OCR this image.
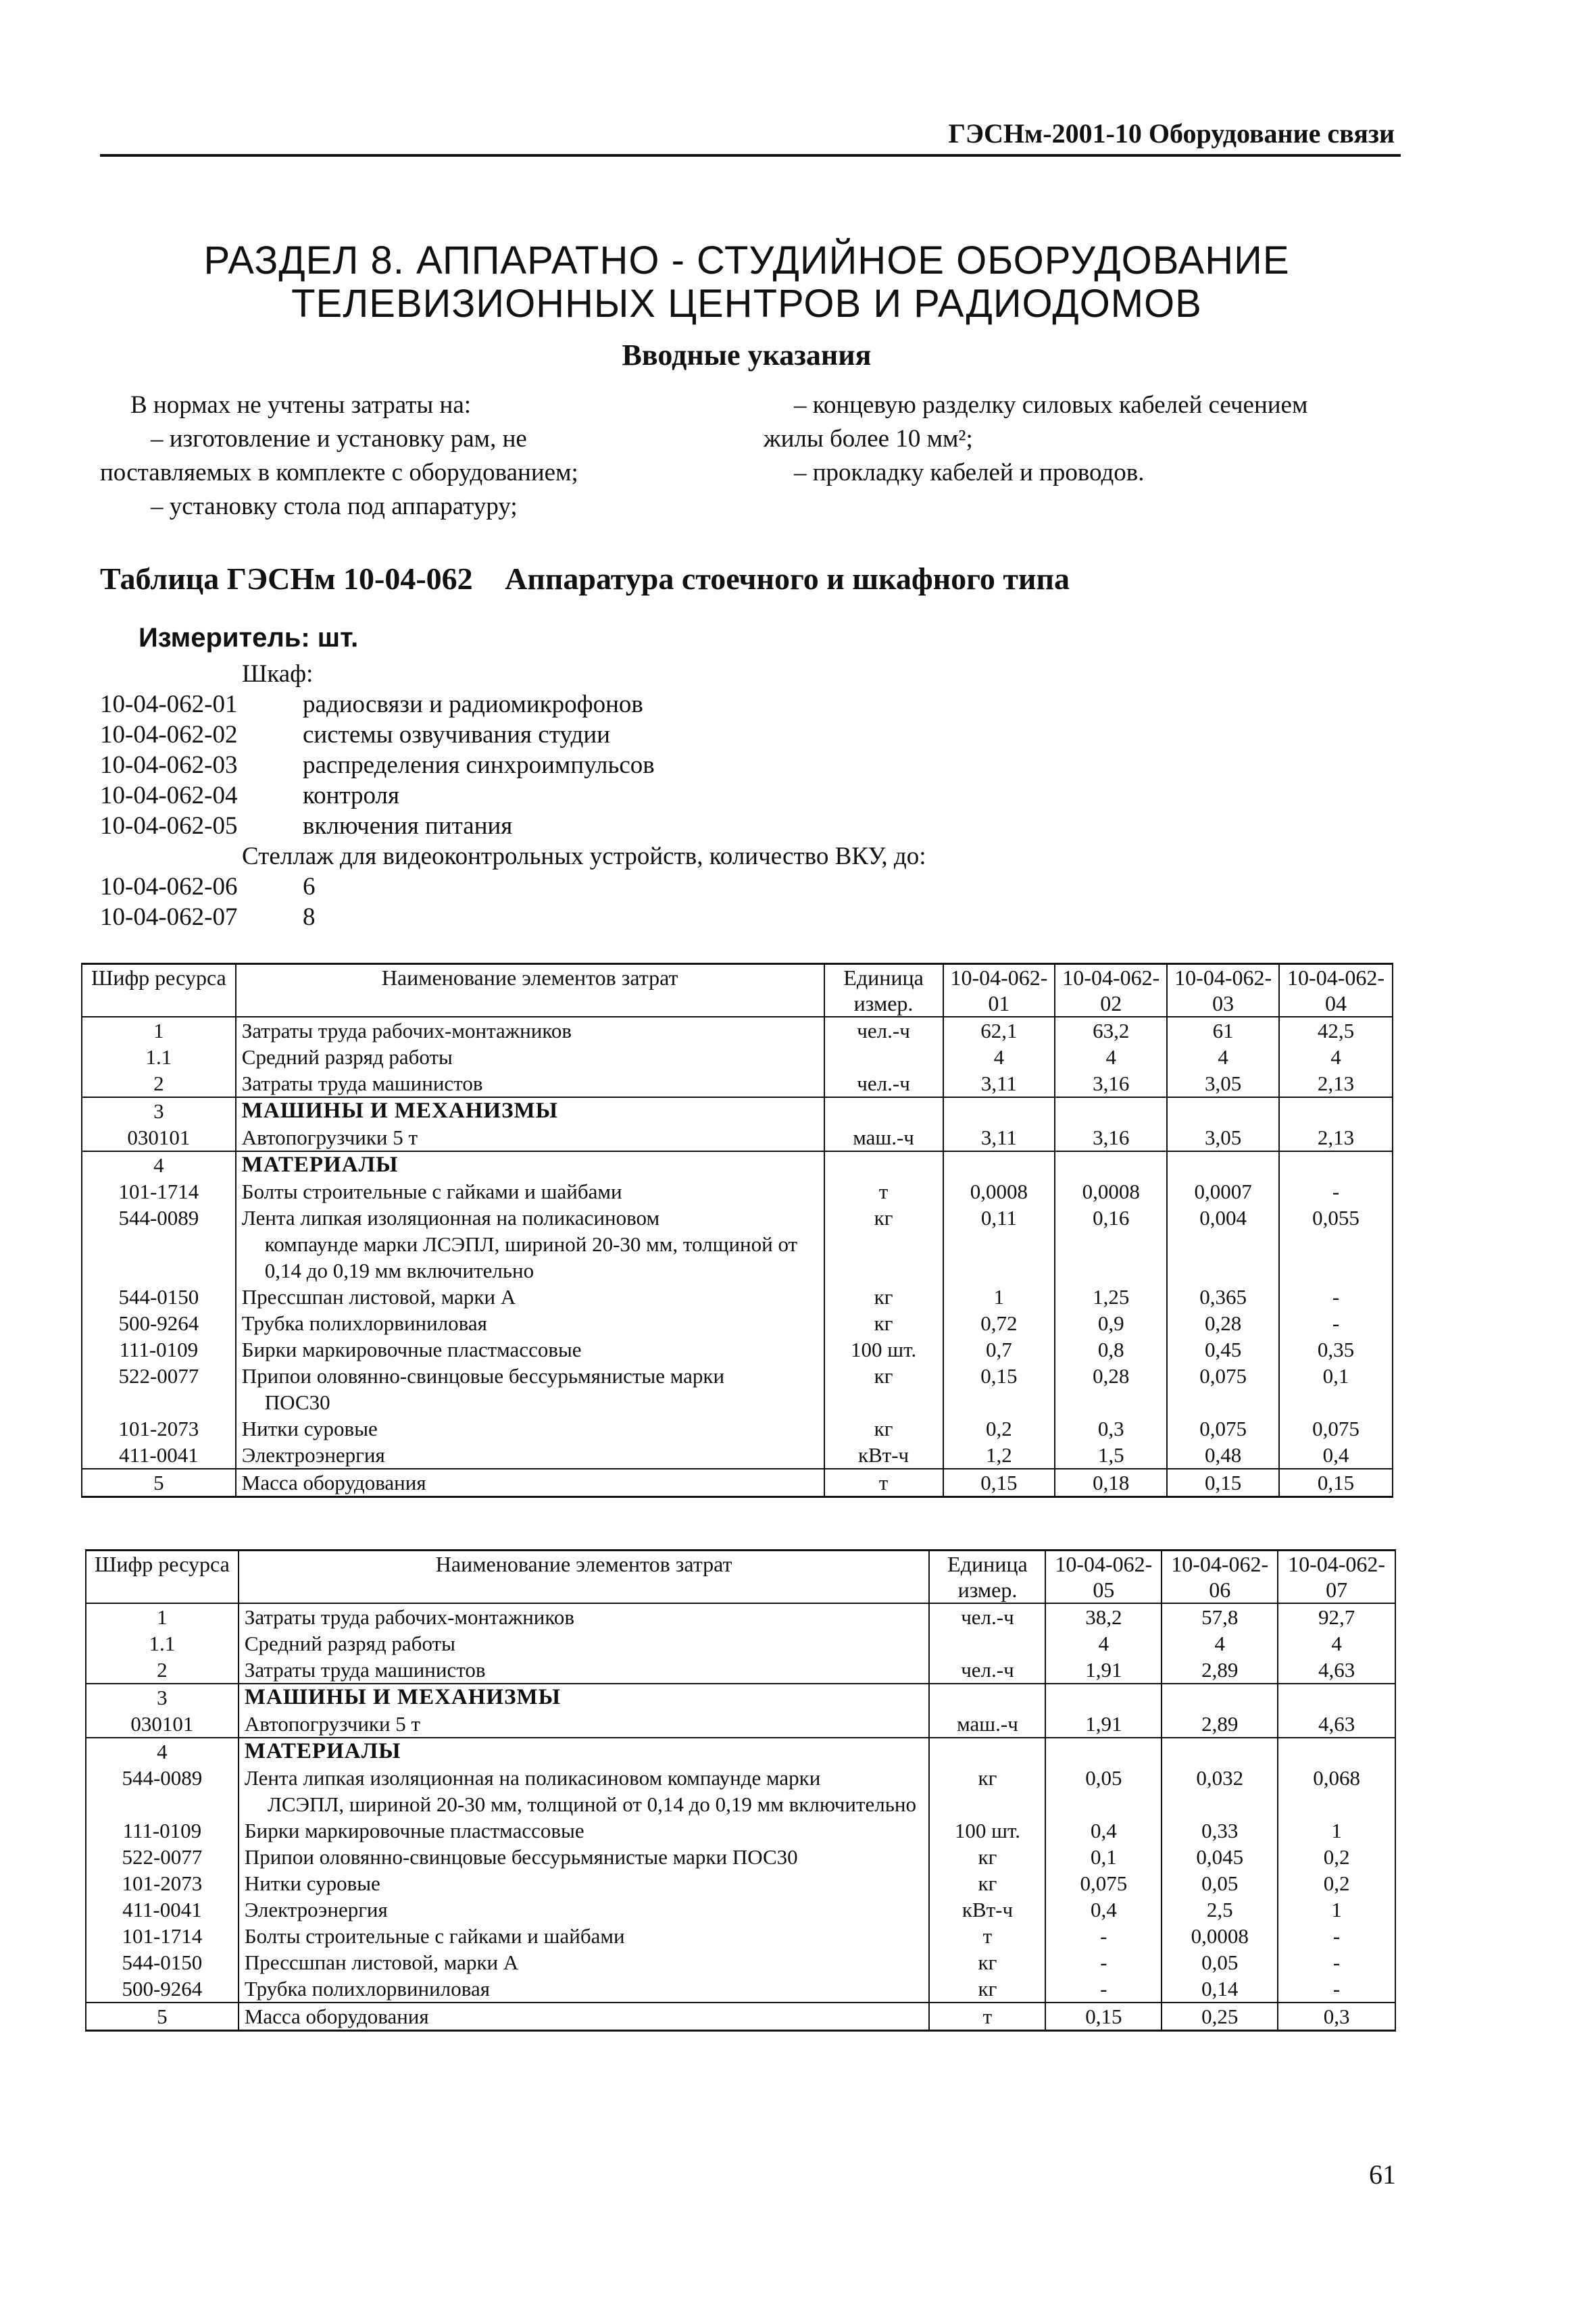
ГЭСНм-2001-10 Оборудование связи
РАЗДЕЛ 8. АППАРАТНО - СТУДИЙНОЕ ОБОРУДОВАНИЕ
ТЕЛЕВИЗИОННЫХ ЦЕНТРОВ И РАДИОДОМОВ
Вводные указания
В нормах не учтены затраты на:
– изготовление и установку рам, не
поставляемых в комплекте с оборудованием;
– установку стола под аппаратуру;
– концевую разделку силовых кабелей сечением
жилы более 10 мм²;
– прокладку кабелей и проводов.
Таблица ГЭСНм 10-04-062 Аппаратура стоечного и шкафного типа
Измеритель: шт.
Шкаф:
10-04-062-01	радиосвязи и радиомикрофонов
10-04-062-02	системы озвучивания студии
10-04-062-03	распределения синхроимпульсов
10-04-062-04	контроля
10-04-062-05	включения питания
Стеллаж для видеоконтрольных устройств, количество ВКУ, до:
10-04-062-06	6
10-04-062-07	8
Шифр ресурса	Наименование элементов затрат	Единица измер.	10-04-062-01	10-04-062-02	10-04-062-03	10-04-062-04
1	Затраты труда рабочих-монтажников	чел.-ч	62,1	63,2	61	42,5
1.1	Средний разряд работы		4	4	4	4
2	Затраты труда машинистов	чел.-ч	3,11	3,16	3,05	2,13
3	МАШИНЫ И МЕХАНИЗМЫ					
030101	Автопогрузчики 5 т	маш.-ч	3,11	3,16	3,05	2,13
4	МАТЕРИАЛЫ					
101-1714	Болты строительные с гайками и шайбами	т	0,0008	0,0008	0,0007	-
544-0089	Лента липкая изоляционная на поликасиновом
компаунде марки ЛСЭПЛ, шириной 20-30 мм, толщиной от 0,14 до 0,19 мм включительно	кг	0,11	0,16	0,004	0,055
544-0150	Прессшпан листовой, марки А	кг	1	1,25	0,365	-
500-9264	Трубка полихлорвиниловая	кг	0,72	0,9	0,28	-
111-0109	Бирки маркировочные пластмассовые	100 шт.	0,7	0,8	0,45	0,35
522-0077	Припои оловянно-свинцовые бессурьмянистые марки
ПОС30	кг	0,15	0,28	0,075	0,1
101-2073	Нитки суровые	кг	0,2	0,3	0,075	0,075
411-0041	Электроэнергия	кВт-ч	1,2	1,5	0,48	0,4
5	Масса оборудования	т	0,15	0,18	0,15	0,15
Шифр ресурса	Наименование элементов затрат	Единица измер.	10-04-062-05	10-04-062-06	10-04-062-07
1	Затраты труда рабочих-монтажников	чел.-ч	38,2	57,8	92,7
1.1	Средний разряд работы		4	4	4
2	Затраты труда машинистов	чел.-ч	1,91	2,89	4,63
3	МАШИНЫ И МЕХАНИЗМЫ				
030101	Автопогрузчики 5 т	маш.-ч	1,91	2,89	4,63
4	МАТЕРИАЛЫ				
544-0089	Лента липкая изоляционная на поликасиновом компаунде марки
ЛСЭПЛ, шириной 20-30 мм, толщиной от 0,14 до 0,19 мм включительно	кг	0,05	0,032	0,068
111-0109	Бирки маркировочные пластмассовые	100 шт.	0,4	0,33	1
522-0077	Припои оловянно-свинцовые бессурьмянистые марки ПОС30	кг	0,1	0,045	0,2
101-2073	Нитки суровые	кг	0,075	0,05	0,2
411-0041	Электроэнергия	кВт-ч	0,4	2,5	1
101-1714	Болты строительные с гайками и шайбами	т	-	0,0008	-
544-0150	Прессшпан листовой, марки А	кг	-	0,05	-
500-9264	Трубка полихлорвиниловая	кг	-	0,14	-
5	Масса оборудования	т	0,15	0,25	0,3
61
